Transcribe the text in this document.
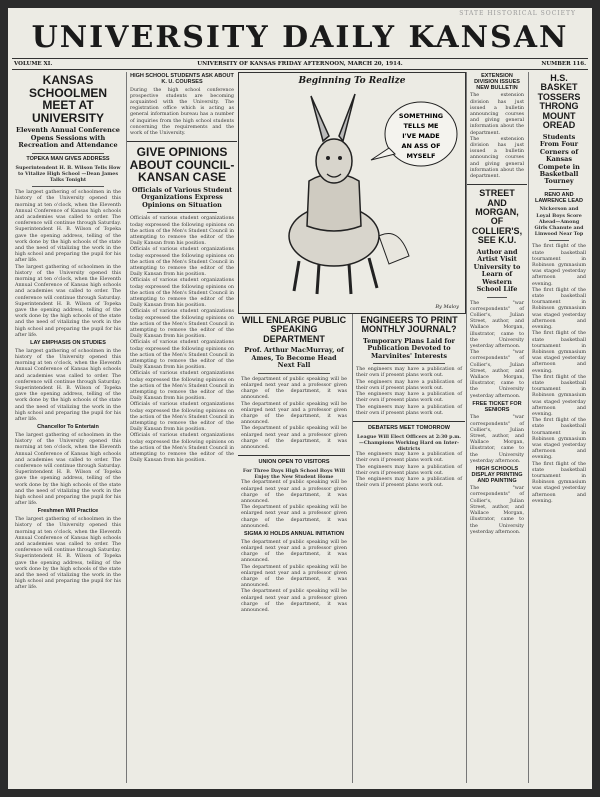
STATE HISTORICAL SOCIETY
UNIVERSITY DAILY KANSAN
VOLUME XI.	UNIVERSITY OF KANSAS FRIDAY AFTERNOON, MARCH 20, 1914.	NUMBER 116.
KANSAS SCHOOLMEN MEET AT UNIVERSITY
Eleventh Annual Conference Opens Sessions with Recreation and Attendance
TOPEKA MAN GIVES ADDRESS
Superintendent H. B. Wilson Tells How to Vitalize High School —Dean James Talks Tonight

The largest gathering of schoolmen in the history of the University opened this morning at ten o'clock, when the Eleventh Annual Conference of Kansas high schools and academies was called to order. The conference will continue through Saturday. Superintendent H. B. Wilson of Topeka gave the opening address, telling of the work done by the high schools of the state and the need of vitalizing the work in the high school and preparing the pupil for his after life.

The largest gathering of schoolmen in the history of the University opened this morning at ten o'clock, when the Eleventh Annual Conference of Kansas high schools and academies was called to order. The conference will continue through Saturday. Superintendent H. B. Wilson of Topeka gave the opening address, telling of the work done by the high schools of the state and the need of vitalizing the work in the high school and preparing the pupil for his after life.

LAY EMPHASIS ON STUDIES

The largest gathering of schoolmen in the history of the University opened this morning at ten o'clock, when the Eleventh Annual Conference of Kansas high schools and academies was called to order. The conference will continue through Saturday. Superintendent H. B. Wilson of Topeka gave the opening address, telling of the work done by the high schools of the state and the need of vitalizing the work in the high school and preparing the pupil for his after life.

Chancellor To Entertain

The largest gathering of schoolmen in the history of the University opened this morning at ten o'clock, when the Eleventh Annual Conference of Kansas high schools and academies was called to order. The conference will continue through Saturday. Superintendent H. B. Wilson of Topeka gave the opening address, telling of the work done by the high schools of the state and the need of vitalizing the work in the high school and preparing the pupil for his after life.

Freshmen Will Practice

The largest gathering of schoolmen in the history of the University opened this morning at ten o'clock, when the Eleventh Annual Conference of Kansas high schools and academies was called to order. The conference will continue through Saturday. Superintendent H. B. Wilson of Topeka gave the opening address, telling of the work done by the high schools of the state and the need of vitalizing the work in the high school and preparing the pupil for his after life.

HIGH SCHOOL STUDENTS ASK ABOUT K. U. COURSES

During the high school conference prospective students are becoming acquainted with the University. The registration office which is acting as general information bureau has a number of inquiries from the high school students concerning the requirements and the work of the University.

GIVE OPINIONS ABOUT COUNCIL-KANSAN CASE
Officials of Various Student Organizations Express Opinions on Situation

Officials of various student organizations today expressed the following opinions on the action of the Men's Student Council in attempting to remove the editor of the Daily Kansan from his position.

Officials of various student organizations today expressed the following opinions on the action of the Men's Student Council in attempting to remove the editor of the Daily Kansan from his position.

Officials of various student organizations today expressed the following opinions on the action of the Men's Student Council in attempting to remove the editor of the Daily Kansan from his position.

Officials of various student organizations today expressed the following opinions on the action of the Men's Student Council in attempting to remove the editor of the Daily Kansan from his position.

Officials of various student organizations today expressed the following opinions on the action of the Men's Student Council in attempting to remove the editor of the Daily Kansan from his position.

Officials of various student organizations today expressed the following opinions on the action of the Men's Student Council in attempting to remove the editor of the Daily Kansan from his position.

Officials of various student organizations today expressed the following opinions on the action of the Men's Student Council in attempting to remove the editor of the Daily Kansan from his position.

Officials of various student organizations today expressed the following opinions on the action of the Men's Student Council in attempting to remove the editor of the Daily Kansan from his position.

Beginning To Realize
SOMETHING
TELLS ME
I'VE MADE
AN ASS OF
MYSELF
By Maloy
WILL ENLARGE PUBLIC SPEAKING DEPARTMENT
Prof. Arthur MacMurray, of Ames, To Become Head Next Fall

The department of public speaking will be enlarged next year and a professor given charge of the department, it was announced.

The department of public speaking will be enlarged next year and a professor given charge of the department, it was announced.

The department of public speaking will be enlarged next year and a professor given charge of the department, it was announced.

UNION OPEN TO VISITORS
For Three Days High School Boys Will Enjoy the New Student Home

The department of public speaking will be enlarged next year and a professor given charge of the department, it was announced.

The department of public speaking will be enlarged next year and a professor given charge of the department, it was announced.

SIGMA XI HOLDS ANNUAL INITIATION

The department of public speaking will be enlarged next year and a professor given charge of the department, it was announced.

The department of public speaking will be enlarged next year and a professor given charge of the department, it was announced.

The department of public speaking will be enlarged next year and a professor given charge of the department, it was announced.

ENGINEERS TO PRINT MONTHLY JOURNAL?
Temporary Plans Laid for Publication Devoted to Marvinites' Interests

The engineers may have a publication of their own if present plans work out.

The engineers may have a publication of their own if present plans work out.

The engineers may have a publication of their own if present plans work out.

The engineers may have a publication of their own if present plans work out.

DEBATERS MEET TOMORROW
League Will Elect Officers at 2:30 p.m.—Champions Working Hard on Inter-districts

The engineers may have a publication of their own if present plans work out.

The engineers may have a publication of their own if present plans work out.

The engineers may have a publication of their own if present plans work out.

EXTENSION DIVISION ISSUES NEW BULLETIN

The extension division has just issued a bulletin announcing courses and giving general information about the department.

The extension division has just issued a bulletin announcing courses and giving general information about the department.

STREET AND MORGAN, OF COLLIER'S, SEE K.U.
Author and Artist Visit University to Learn of Western School Life

The "war correspondents" of Collier's, Julian Street, author, and Wallace Morgan, illustrator, came to the University yesterday afternoon.

The "war correspondents" of Collier's, Julian Street, author, and Wallace Morgan, illustrator, came to the University yesterday afternoon.

FREE TICKET FOR SENIORS

The "war correspondents" of Collier's, Julian Street, author, and Wallace Morgan, illustrator, came to the University yesterday afternoon.

HIGH SCHOOLS DISPLAY PRINTING AND PAINTING

The "war correspondents" of Collier's, Julian Street, author, and Wallace Morgan, illustrator, came to the University yesterday afternoon.

H.S. BASKET TOSSERS THRONG MOUNT OREAD
Students From Four Corners of Kansas Compete in Basketball Tourney
RENO AND LAWRENCE LEAD
Nickerson and Loyal Boys Score Ahead—Among Girls Chanute and Linwood Near Top

The first flight of the state basketball tournament in Robinson gymnasium was staged yesterday afternoon and evening.

The first flight of the state basketball tournament in Robinson gymnasium was staged yesterday afternoon and evening.

The first flight of the state basketball tournament in Robinson gymnasium was staged yesterday afternoon and evening.

The first flight of the state basketball tournament in Robinson gymnasium was staged yesterday afternoon and evening.

The first flight of the state basketball tournament in Robinson gymnasium was staged yesterday afternoon and evening.

The first flight of the state basketball tournament in Robinson gymnasium was staged yesterday afternoon and evening.
